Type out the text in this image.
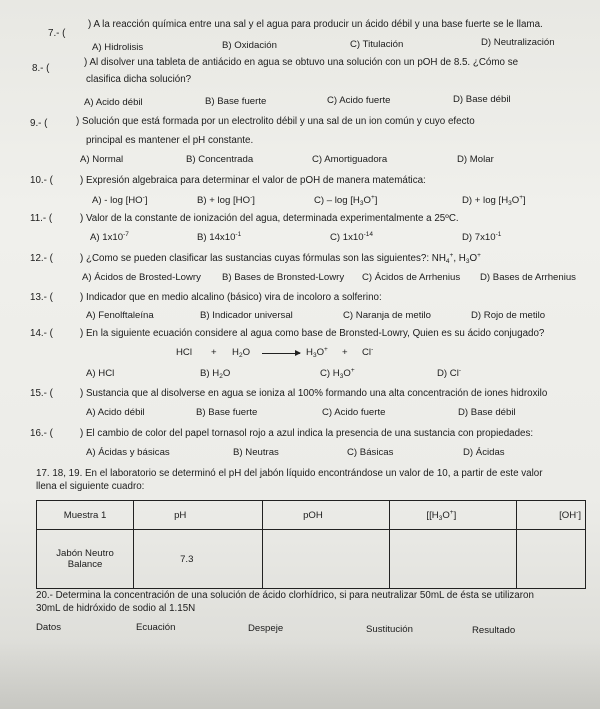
7.- (
) A la reacción química entre una sal y el agua para producir un ácido débil y una base fuerte se le llama.
A) Hidrolisis	B) Oxidación	C) Titulación	D) Neutralización
8.- (
) Al disolver una tableta de antiácido en agua se obtuvo una solución con un pOH de 8.5. ¿Cómo se
clasifica dicha solución?
A) Acido débil	B) Base fuerte	C) Acido fuerte	D) Base débil
9.- (	) Solución que está formada por un electrolito débil y una sal de un ion común y cuyo efecto
principal es mantener el pH constante.
A) Normal	B) Concentrada	C) Amortiguadora	D) Molar
10.- (	) Expresión algebraica para determinar el valor de pOH de manera matemática:
A) - log [HO-]	B) + log [HO-]	$C) - \log [H_3O^+]$	$D) + \log [H_3O^+]$
11.- (	) Valor de la constante de ionización del agua, determinada experimentalmente a 25ºC.
A) $1x10^{-7}$	B) $14x10^{-1}$	C) $1x10^{-14}$	D) $7x10^{-1}$
12.- (	) ¿Como se pueden clasificar las sustancias cuyas fórmulas son las siguientes?: $NH_4^+$, $H_3O^+$
A) Ácidos de Brosted-Lowry B) Bases de Bronsted-Lowry C) Ácidos de Arrhenius D) Bases de Arrhenius
13.- (	) Indicador que en medio alcalino (básico) vira de incoloro a solferino:
A) Fenolftaleína	B) Indicador universal	C) Naranja de metilo	D) Rojo de metilo
14.- (	) En la siguiente ecuación considere al agua como base de Bronsted-Lowry, Quien es su ácido conjugado?
HCl + $H_2O \to H_3O^+ + Cl^-$
A) HCl	B) $H_2O$	C) $H_3O^+$	D) Cl-
15.- (	) Sustancia que al disolverse en agua se ioniza al 100% formando una alta concentración de iones hidroxilo
A) Acido débil	B) Base fuerte	C) Acido fuerte	D) Base débil
16.- (	) El cambio de color del papel tornasol rojo a azul indica la presencia de una sustancia con propiedades:
A) Ácidas y básicas	B) Neutras	C) Básicas	D) Ácidas
17. 18, 19. En el laboratorio se determinó el pH del jabón líquido encontrándose un valor de 10, a partir de este valor
llena el siguiente cuadro:
Muestra 1	pH	pOH	[$[H_3O^+]$	[OH-]
Jabón Neutro Balance	7.3			
20.- Determina la concentración de una solución de ácido clorhídrico, si para neutralizar 50mL de ésta se utilizaron
30mL de hidróxido de sodio al 1.15N
Datos	Ecuación	Despeje	Sustitución	Resultado
